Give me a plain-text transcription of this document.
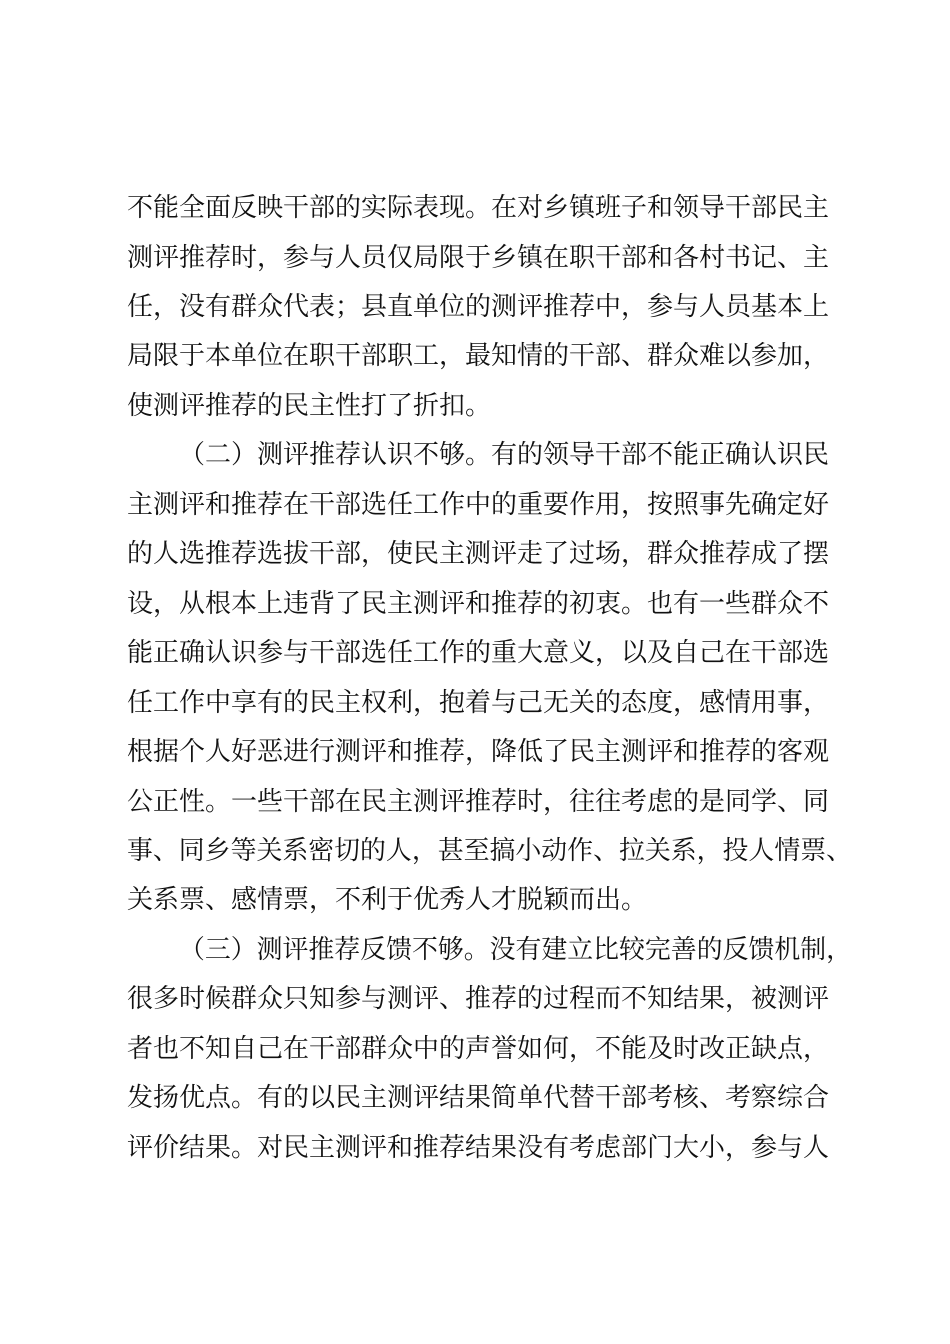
不能全面反映干部的实际表现。在对乡镇班子和领导干部民主
测评推荐时，参与人员仅局限于乡镇在职干部和各村书记、主
任，没有群众代表；县直单位的测评推荐中，参与人员基本上
局限于本单位在职干部职工，最知情的干部、群众难以参加，
使测评推荐的民主性打了折扣。
（二）测评推荐认识不够。有的领导干部不能正确认识民
主测评和推荐在干部选任工作中的重要作用，按照事先确定好
的人选推荐选拔干部，使民主测评走了过场，群众推荐成了摆
设，从根本上违背了民主测评和推荐的初衷。也有一些群众不
能正确认识参与干部选任工作的重大意义，以及自己在干部选
任工作中享有的民主权利，抱着与己无关的态度，感情用事，
根据个人好恶进行测评和推荐，降低了民主测评和推荐的客观
公正性。一些干部在民主测评推荐时，往往考虑的是同学、同
事、同乡等关系密切的人，甚至搞小动作、拉关系，投人情票、
关系票、感情票，不利于优秀人才脱颖而出。
（三）测评推荐反馈不够。没有建立比较完善的反馈机制，
很多时候群众只知参与测评、推荐的过程而不知结果，被测评
者也不知自己在干部群众中的声誉如何，不能及时改正缺点，
发扬优点。有的以民主测评结果简单代替干部考核、考察综合
评价结果。对民主测评和推荐结果没有考虑部门大小，参与人
